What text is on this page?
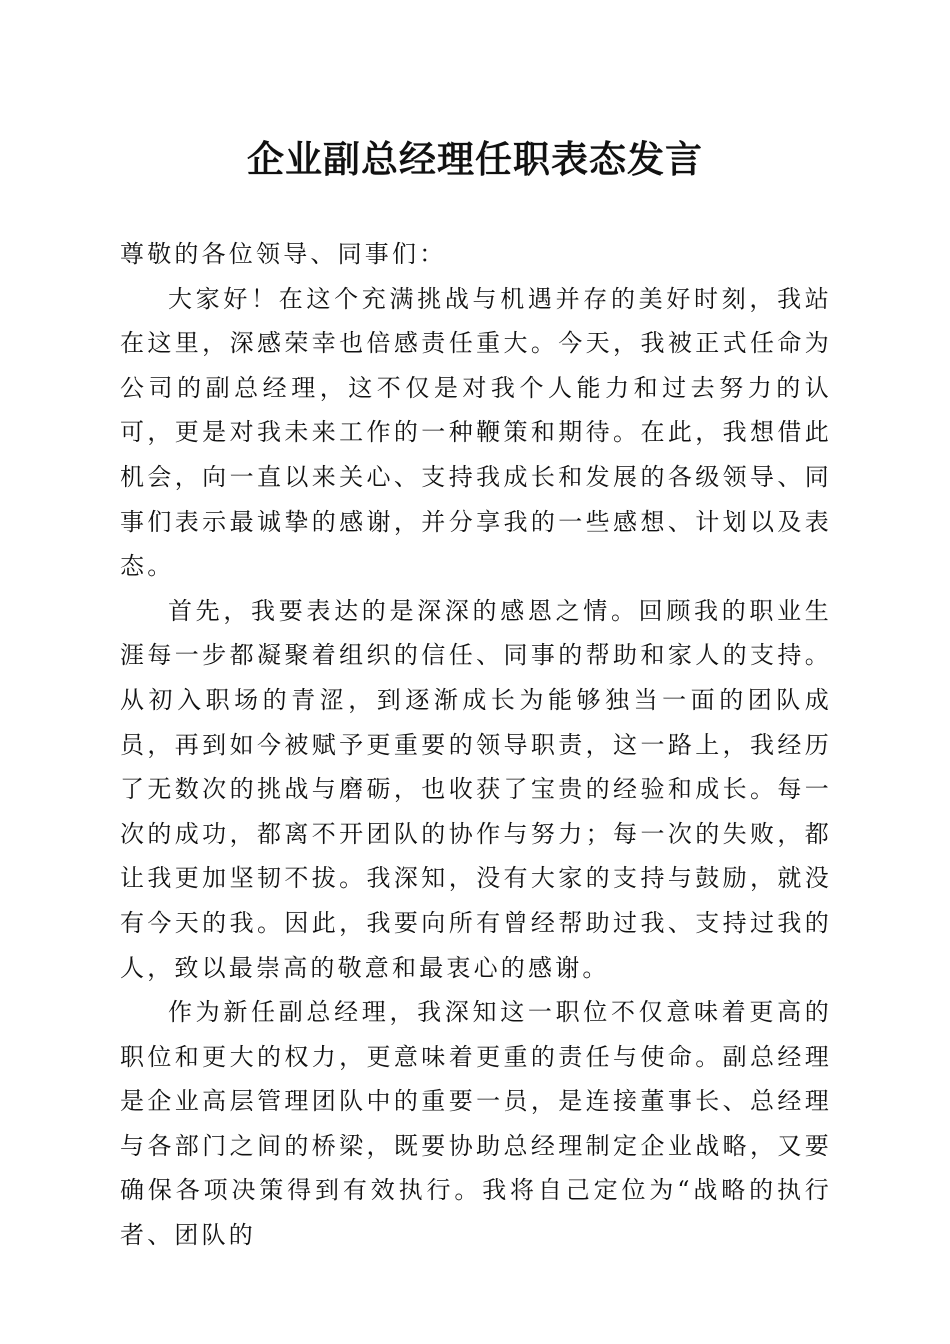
企业副总经理任职表态发言

尊敬的各位领导、同事们：

大家好！在这个充满挑战与机遇并存的美好时刻，我站在这里，深感荣幸也倍感责任重大。今天，我被正式任命为公司的副总经理，这不仅是对我个人能力和过去努力的认可，更是对我未来工作的一种鞭策和期待。在此，我想借此机会，向一直以来关心、支持我成长和发展的各级领导、同事们表示最诚挚的感谢，并分享我的一些感想、计划以及表态。

首先，我要表达的是深深的感恩之情。回顾我的职业生涯每一步都凝聚着组织的信任、同事的帮助和家人的支持。从初入职场的青涩，到逐渐成长为能够独当一面的团队成员，再到如今被赋予更重要的领导职责，这一路上，我经历了无数次的挑战与磨砺，也收获了宝贵的经验和成长。每一次的成功，都离不开团队的协作与努力；每一次的失败，都让我更加坚韧不拔。我深知，没有大家的支持与鼓励，就没有今天的我。因此，我要向所有曾经帮助过我、支持过我的人，致以最崇高的敬意和最衷心的感谢。

作为新任副总经理，我深知这一职位不仅意味着更高的职位和更大的权力，更意味着更重的责任与使命。副总经理是企业高层管理团队中的重要一员，是连接董事长、总经理与各部门之间的桥梁，既要协助总经理制定企业战略，又要确保各项决策得到有效执行。我将自己定位为“战略的执行者、团队的
